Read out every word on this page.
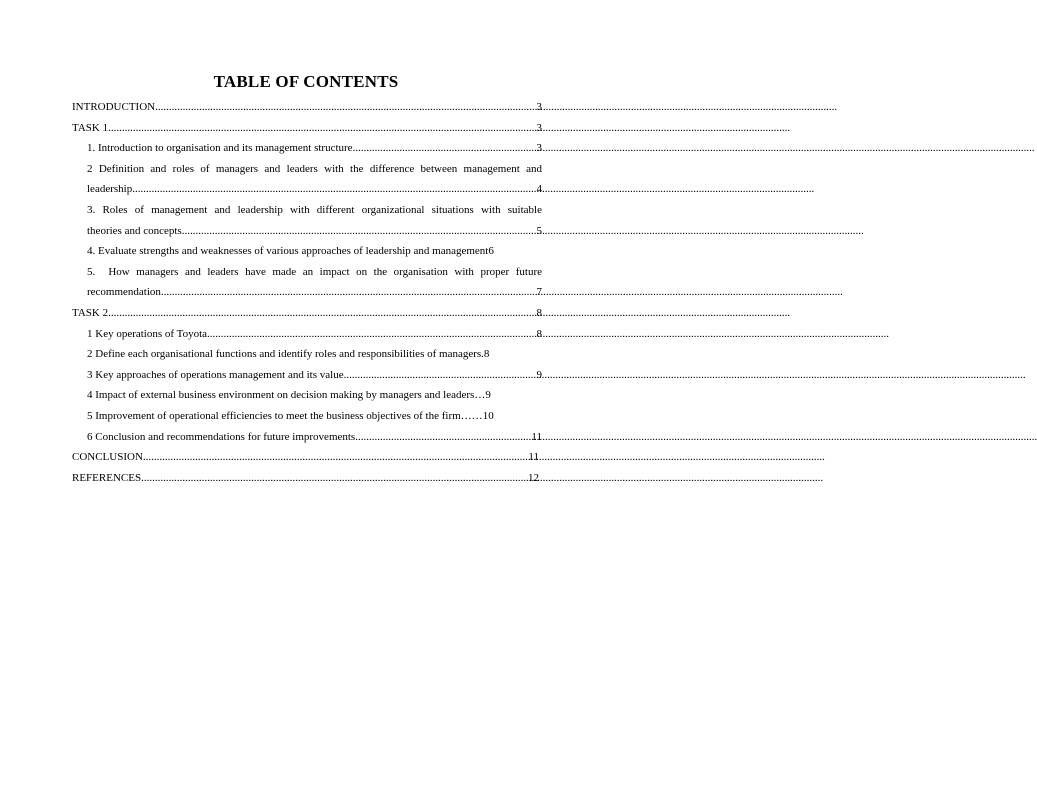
TABLE OF CONTENTS
INTRODUCTION .....	3
TASK 1 .....	3
1. Introduction to organisation and its management structure .....	3
2 Definition and roles of managers and leaders with the difference between management and
leadership .....	4
3. Roles of management and leadership with different organizational situations with suitable
theories and concepts .....	5
4. Evaluate strengths and weaknesses of various approaches of leadership and management 6
5.  How managers and leaders have made an impact on the organisation with proper future
recommendation .....	7
TASK 2 .....	8
1 Key operations of Toyota .....	8
2 Define each organisational functions and identify roles and responsibilities of managers. 8
3 Key approaches of operations management and its value .....	9
4 Impact of external business environment on decision making by managers and leaders… 9
5 Improvement of operational efficiencies to meet the business objectives of the firm…… 10
6 Conclusion and recommendations for future improvements .....	11
CONCLUSION .....	11
REFERENCES .....	12
